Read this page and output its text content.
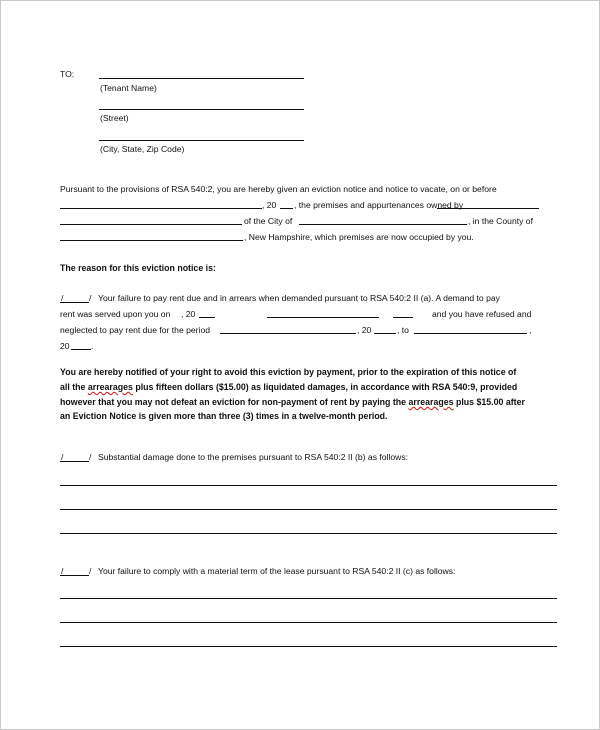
TO:
(Tenant Name)
(Street)
(City, State, Zip Code)
Pursuant to the provisions of RSA 540:2, you are hereby given an eviction notice and notice to vacate, on or before
, 20 , the premises and appurtenances owned by
of the City of	, in the County of
, New Hampshire, which premises are now occupied by you.
The reason for this eviction notice is:
/	/ Your failure to pay rent due and in arrears when demanded pursuant to RSA 540:2 II (a). A demand to pay
rent was served upon you on , 20	and you have refused and
neglected to pay rent due for the period	, 20	, to	,
20 .
You are hereby notified of your right to avoid this eviction by payment, prior to the expiration of this notice of
all the arrearages plus fifteen dollars ($15.00) as liquidated damages, in accordance with RSA 540:9, provided
however that you may not defeat an eviction for non-payment of rent by paying the arrearages plus $15.00 after
an Eviction Notice is given more than three (3) times in a twelve-month period.
/	/ Substantial damage done to the premises pursuant to RSA 540:2 II (b) as follows:
/	/ Your failure to comply with a material term of the lease pursuant to RSA 540:2 II (c) as follows:
